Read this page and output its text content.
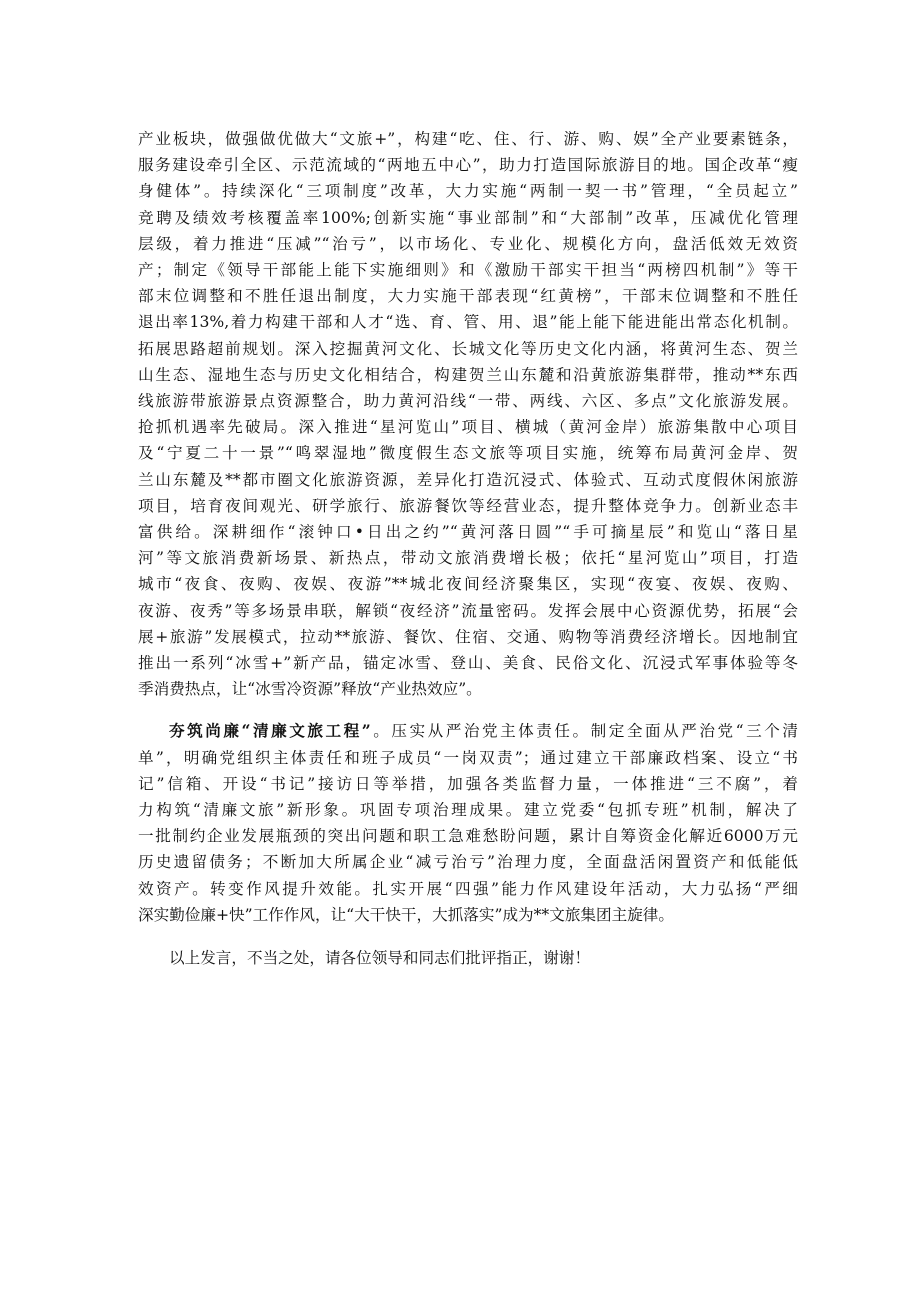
产业板块，做强做优做大“文旅+”，构建“吃、住、行、游、购、娱”全产业要素链条，
服务建设牵引全区、示范流域的“两地五中心”，助力打造国际旅游目的地。国企改革“瘦
身健体”。持续深化“三项制度”改革，大力实施“两制一契一书”管理，“全员起立”
竞聘及绩效考核覆盖率100%;创新实施“事业部制”和“大部制”改革，压减优化管理
层级，着力推进“压减”“治亏”，以市场化、专业化、规模化方向，盘活低效无效资
产；制定《领导干部能上能下实施细则》和《激励干部实干担当“两榜四机制”》等干
部末位调整和不胜任退出制度，大力实施干部表现“红黄榜”，干部末位调整和不胜任
退出率13%,着力构建干部和人才“选、育、管、用、退”能上能下能进能出常态化机制。
拓展思路超前规划。深入挖掘黄河文化、长城文化等历史文化内涵，将黄河生态、贺兰
山生态、湿地生态与历史文化相结合，构建贺兰山东麓和沿黄旅游集群带，推动**东西
线旅游带旅游景点资源整合，助力黄河沿线“一带、两线、六区、多点”文化旅游发展。
抢抓机遇率先破局。深入推进“星河览山”项目、横城（黄河金岸）旅游集散中心项目
及“宁夏二十一景”“鸣翠湿地”微度假生态文旅等项目实施，统筹布局黄河金岸、贺
兰山东麓及**都市圈文化旅游资源，差异化打造沉浸式、体验式、互动式度假休闲旅游
项目，培育夜间观光、研学旅行、旅游餐饮等经营业态，提升整体竞争力。创新业态丰
富供给。深耕细作“滚钟口•日出之约”“黄河落日圆”“手可摘星辰”和览山“落日星
河”等文旅消费新场景、新热点，带动文旅消费增长极；依托“星河览山”项目，打造
城市“夜食、夜购、夜娱、夜游”**城北夜间经济聚集区，实现“夜宴、夜娱、夜购、
夜游、夜秀”等多场景串联，解锁“夜经济”流量密码。发挥会展中心资源优势，拓展“会
展+旅游”发展模式，拉动**旅游、餐饮、住宿、交通、购物等消费经济增长。因地制宜
推出一系列“冰雪+”新产品，锚定冰雪、登山、美食、民俗文化、沉浸式军事体验等冬
季消费热点，让“冰雪冷资源”释放“产业热效应”。
夯筑尚廉“清廉文旅工程”。压实从严治党主体责任。制定全面从严治党“三个清
单”，明确党组织主体责任和班子成员“一岗双责”；通过建立干部廉政档案、设立“书
记”信箱、开设“书记”接访日等举措，加强各类监督力量，一体推进“三不腐”，着
力构筑“清廉文旅”新形象。巩固专项治理成果。建立党委“包抓专班”机制，解决了
一批制约企业发展瓶颈的突出问题和职工急难愁盼问题，累计自筹资金化解近6000万元
历史遗留债务；不断加大所属企业“减亏治亏”治理力度，全面盘活闲置资产和低能低
效资产。转变作风提升效能。扎实开展“四强”能力作风建设年活动，大力弘扬“严细
深实勤俭廉+快”工作作风，让“大干快干，大抓落实”成为**文旅集团主旋律。
以上发言，不当之处，请各位领导和同志们批评指正，谢谢！
